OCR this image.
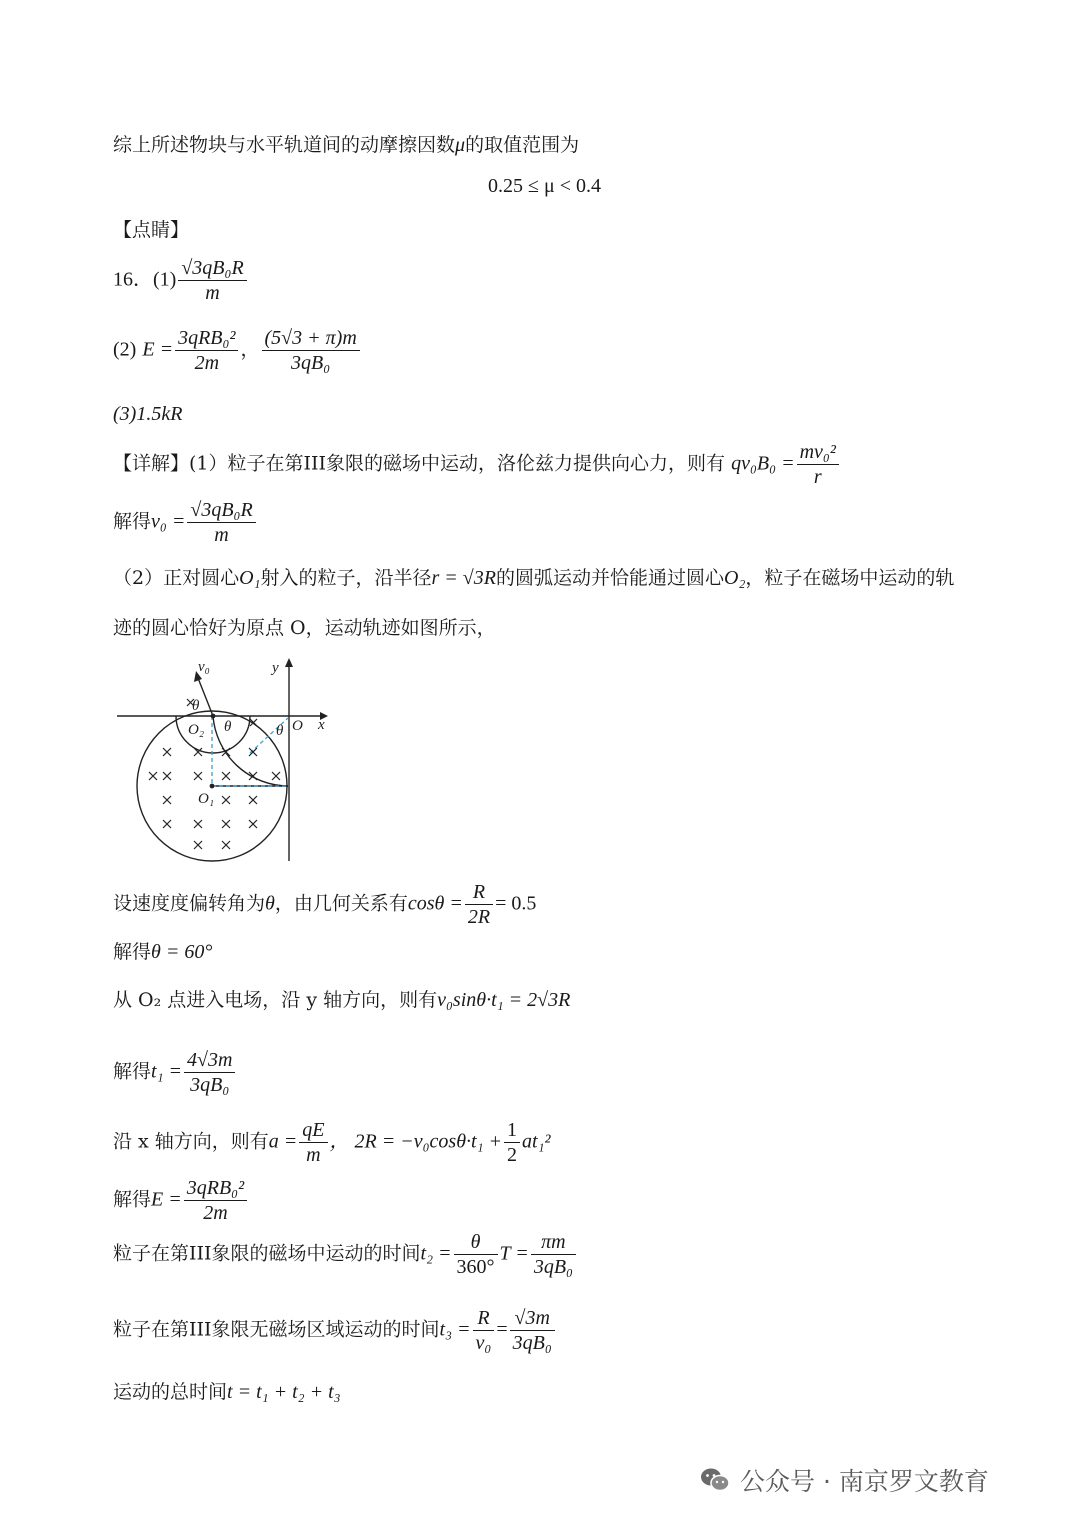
综上所述物块与水平轨道间的动摩擦因数μ的取值范围为
0.25 ≤ μ < 0.4
【点睛】
16．$(1) \frac{\text{√3qB₀R}}{m}$
(2) $E = \frac{\text{3qRB₀²}}{2m}$ ， $\frac{(5√3 + \pi)m}{\text{3qB₀}}$
(3)1.5kR
【详解】(1）粒子在第III象限的磁场中运动，洛伦兹力提供向心力，则有 $qv_0B_0 = \frac{\text{mv₀²}}{r}$
解得$v_0 = \frac{\text{√3qB₀R}}{m}$
（2）正对圆心O₁射入的粒子，沿半径r = √3R的圆弧运动并恰能通过圆心O₂，粒子在磁场中运动的轨
迹的圆心恰好为原点 O，运动轨迹如图所示，
v₀	y
x
O
O₁
O₂
θ
θ	θ
设速度度偏转角为θ，由几何关系有$\cos\theta = \frac{R}{2R} = 0.5$
解得θ = 60°
从 O₂ 点进入电场，沿 y 轴方向，则有v₀sinθ·t₁ = 2√3R
解得$t_1 = \frac{4√3m}{\text{3qB₀}}$
沿 x 轴方向，则有$a = \frac{qE}{m}$ ， $2R = -v_0\cos\theta\cdot t_1 + \frac{1}{2} at_1^2$
解得$E = \frac{\text{3qRB₀²}}{2m}$
粒子在第III象限的磁场中运动的时间$t_2 = \frac{\theta}{360^\circ}$ $T = \frac{\pi m}{\text{3qB₀}}$
粒子在第III象限无磁场区域运动的时间$t_3 = \frac{R}{\text{v₀}} = \frac{√3m}{\text{3qB₀}}$
运动的总时间t = t₁ + t₂ + t₃
公众号 · 南京罗文教育
